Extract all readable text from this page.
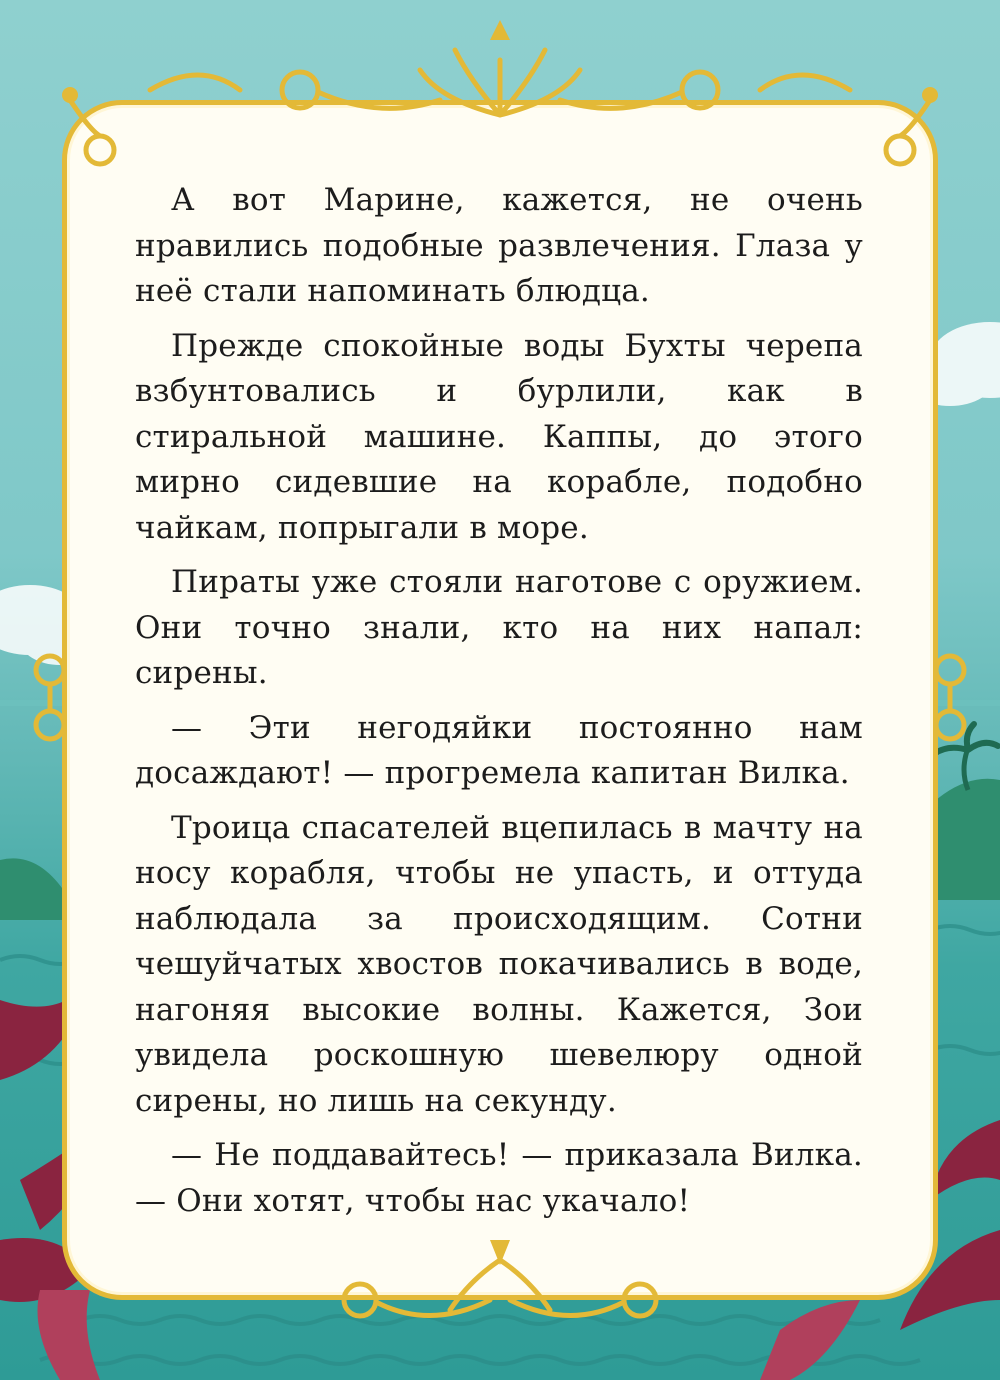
А вот Марине, кажется, не очень нравились подобные развлечения. Глаза у неё стали напоминать блюдца.

Прежде спокойные воды Бухты черепа взбунтовались и бурлили, как в стиральной машине. Каппы, до этого мирно сидевшие на корабле, подобно чайкам, попрыгали в море.

Пираты уже стояли наготове с оружием. Они точно знали, кто на них напал: сирены.

— Эти негодяйки постоянно нам досаждают! — прогремела капитан Вилка.

Троица спасателей вцепилась в мачту на носу корабля, чтобы не упасть, и оттуда наблюдала за происходящим. Сотни чешуйчатых хвостов покачивались в воде, нагоняя высокие волны. Кажется, Зои увидела роскошную шевелюру одной сирены, но лишь на секунду.

— Не поддавайтесь! — приказала Вилка. — Они хотят, чтобы нас укачало!
